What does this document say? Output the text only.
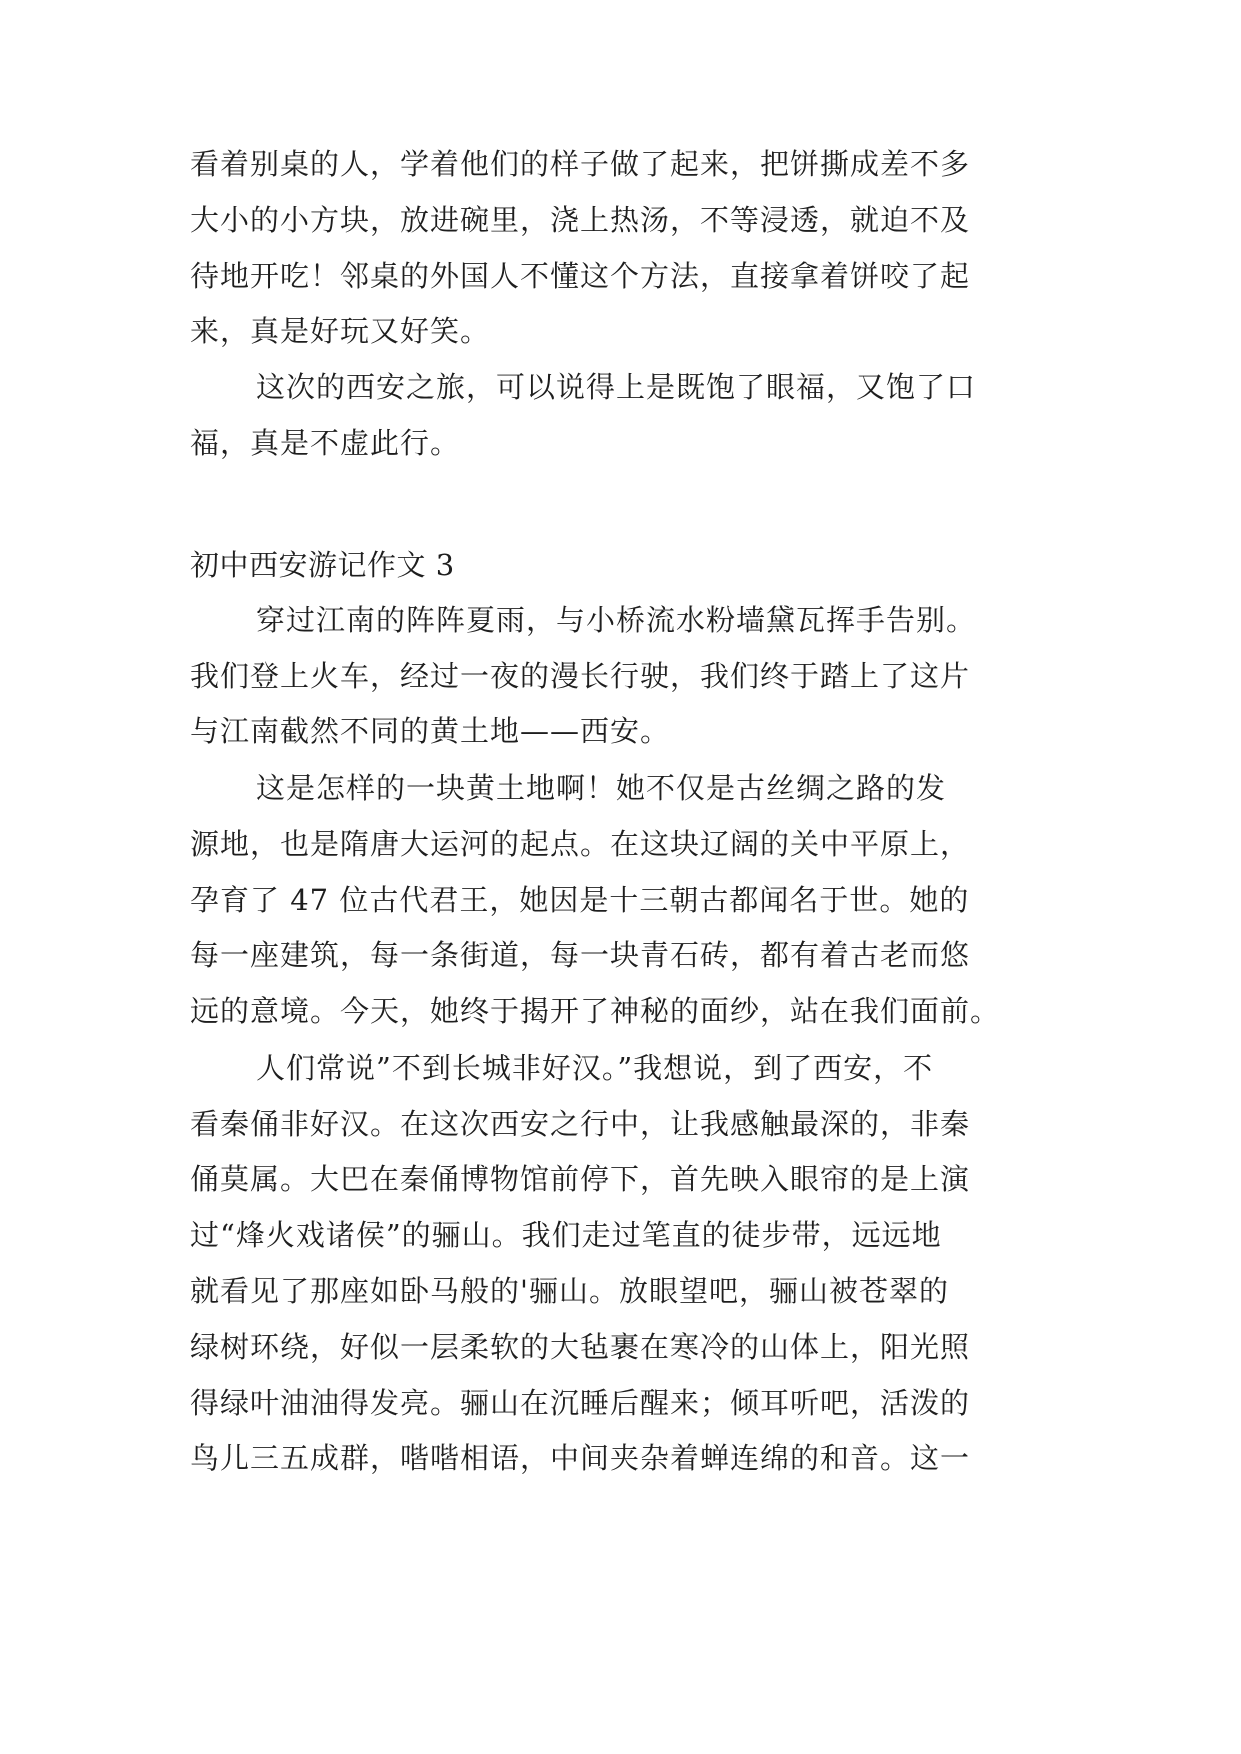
看着别桌的人，学着他们的样子做了起来，把饼撕成差不多
大小的小方块，放进碗里，浇上热汤，不等浸透，就迫不及
待地开吃！邻桌的外国人不懂这个方法，直接拿着饼咬了起
来，真是好玩又好笑。
这次的西安之旅，可以说得上是既饱了眼福，又饱了口
福，真是不虚此行。
初中西安游记作文 3
穿过江南的阵阵夏雨，与小桥流水粉墙黛瓦挥手告别。
我们登上火车，经过一夜的漫长行驶，我们终于踏上了这片
与江南截然不同的黄土地——西安。
这是怎样的一块黄土地啊！她不仅是古丝绸之路的发
源地，也是隋唐大运河的起点。在这块辽阔的关中平原上，
孕育了 47 位古代君王，她因是十三朝古都闻名于世。她的
每一座建筑，每一条街道，每一块青石砖，都有着古老而悠
远的意境。今天，她终于揭开了神秘的面纱，站在我们面前。
人们常说”不到长城非好汉。”我想说，到了西安，不
看秦俑非好汉。在这次西安之行中，让我感触最深的，非秦
俑莫属。大巴在秦俑博物馆前停下，首先映入眼帘的是上演
过“烽火戏诸侯”的骊山。我们走过笔直的徒步带，远远地
就看见了那座如卧马般的'骊山。放眼望吧，骊山被苍翠的
绿树环绕，好似一层柔软的大毡裹在寒冷的山体上，阳光照
得绿叶油油得发亮。骊山在沉睡后醒来；倾耳听吧，活泼的
鸟儿三五成群，喈喈相语，中间夹杂着蝉连绵的和音。这一
